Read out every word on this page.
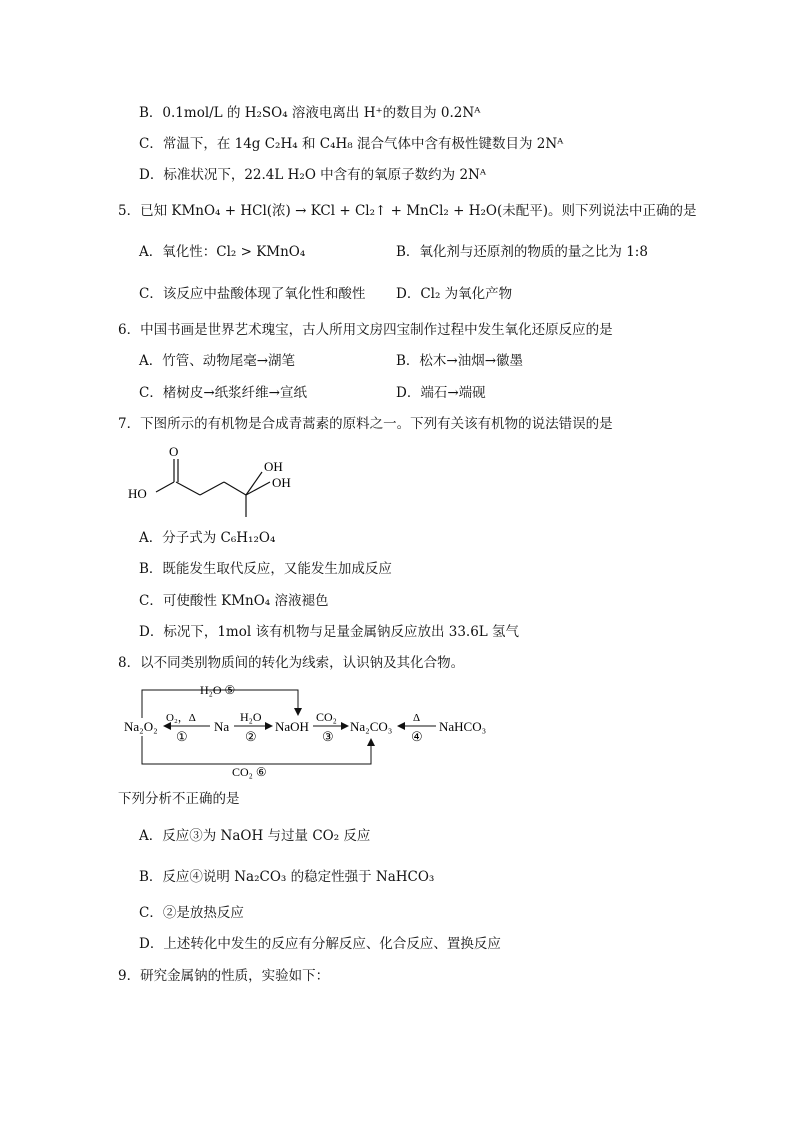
B．0.1mol/L 的 H₂SO₄ 溶液电离出 H⁺的数目为 0.2Nᴬ
C．常温下，在 14g C₂H₄ 和 C₄H₈ 混合气体中含有极性键数目为 2Nᴬ
D．标准状况下，22.4L H₂O 中含有的氧原子数约为 2Nᴬ
5．已知 KMnO₄ + HCl(浓) → KCl + Cl₂↑ + MnCl₂ + H₂O(未配平)。则下列说法中正确的是
A．氧化性：Cl₂ > KMnO₄	B．氧化剂与还原剂的物质的量之比为 1:8
C．该反应中盐酸体现了氧化性和酸性 D．Cl₂ 为氧化产物
6．中国书画是世界艺术瑰宝，古人所用文房四宝制作过程中发生氧化还原反应的是
A．竹管、动物尾毫→湖笔	B．松木→油烟→徽墨
C．楮树皮→纸浆纤维→宣纸	D．端石→端砚
7．下图所示的有机物是合成青蒿素的原料之一。下列有关该有机物的说法错误的是
O
HO
OH
OH
A．分子式为 C₆H₁₂O₄
B．既能发生取代反应，又能发生加成反应
C．可使酸性 KMnO₄ 溶液褪色
D．标况下，1mol 该有机物与足量金属钠反应放出 33.6L 氢气
8．以不同类别物质间的转化为线索，认识钠及其化合物。
Na₂O₂	Na	NaOH	Na₂CO₃	NaHCO₃
O₂，Δ
①
H₂O
②
CO₂
③
Δ
④
H₂O ⑤
CO₂ ⑥
下列分析不正确的是
A．反应③为 NaOH 与过量 CO₂ 反应
B．反应④说明 Na₂CO₃ 的稳定性强于 NaHCO₃
C．②是放热反应
D．上述转化中发生的反应有分解反应、化合反应、置换反应
9．研究金属钠的性质，实验如下：
